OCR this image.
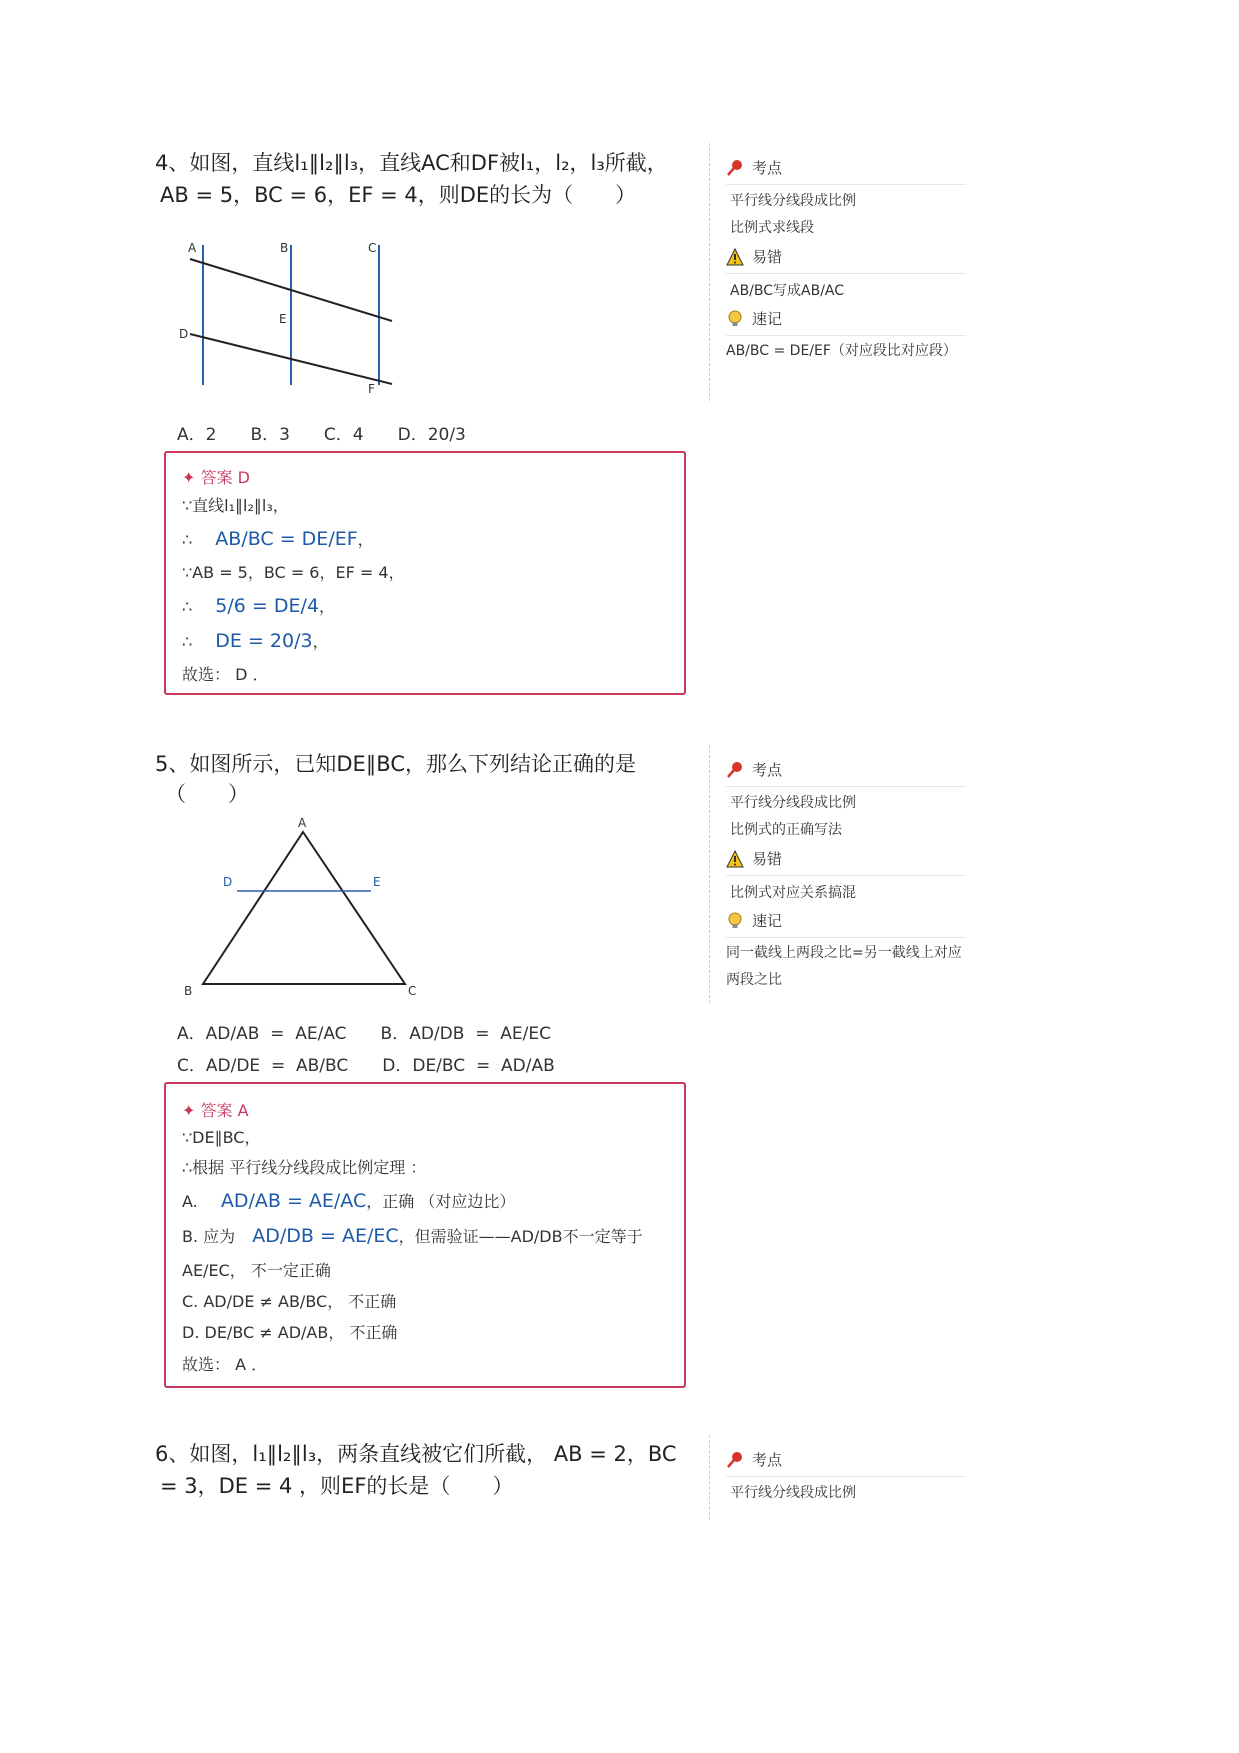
4、如图，直线l₁∥l₂∥l₃，直线AC和DF被l₁，l₂，l₃所截，
AB = 5，BC = 6，EF = 4，则DE的长为（　　）
A	B	C
D
E
F
A．2　　B．3　　C．4　　D．20/3
✦ 答案 D
∵直线l₁∥l₂∥l₃，
∴ AB/BC = DE/EF，
∵AB = 5，BC = 6，EF = 4，
∴ 5/6 = DE/4，
∴ DE = 20/3，
故选： D ．
考点
平行线分线段成比例
比例式求线段
易错
AB/BC写成AB/AC
速记
AB/BC = DE/EF（对应段比对应段）
5、如图所示，已知DE∥BC，那么下列结论正确的是
（　　）
A
B	C
D	E
A．AD/AB  =  AE/AC　　B．AD/DB  =  AE/EC
C．AD/DE  =  AB/BC　　D．DE/BC  =  AD/AB
✦ 答案 A
∵DE∥BC，
∴根据 平行线分线段成比例定理 ：
A. AD/AB = AE/AC，正确 （对应边比）
B. 应为 AD/DB = AE/EC，但需验证——AD/DB不一定等于
AE/EC， 不一定正确
C. AD/DE ≠ AB/BC， 不正确
D. DE/BC ≠ AD/AB， 不正确
故选： A ．
考点
平行线分线段成比例
比例式的正确写法
易错
比例式对应关系搞混
速记
同一截线上两段之比=另一截线上对应两段之比
6、如图，l₁∥l₂∥l₃，两条直线被它们所截， AB = 2，BC
= 3，DE = 4 ，则EF的长是（　　）
考点
平行线分线段成比例
